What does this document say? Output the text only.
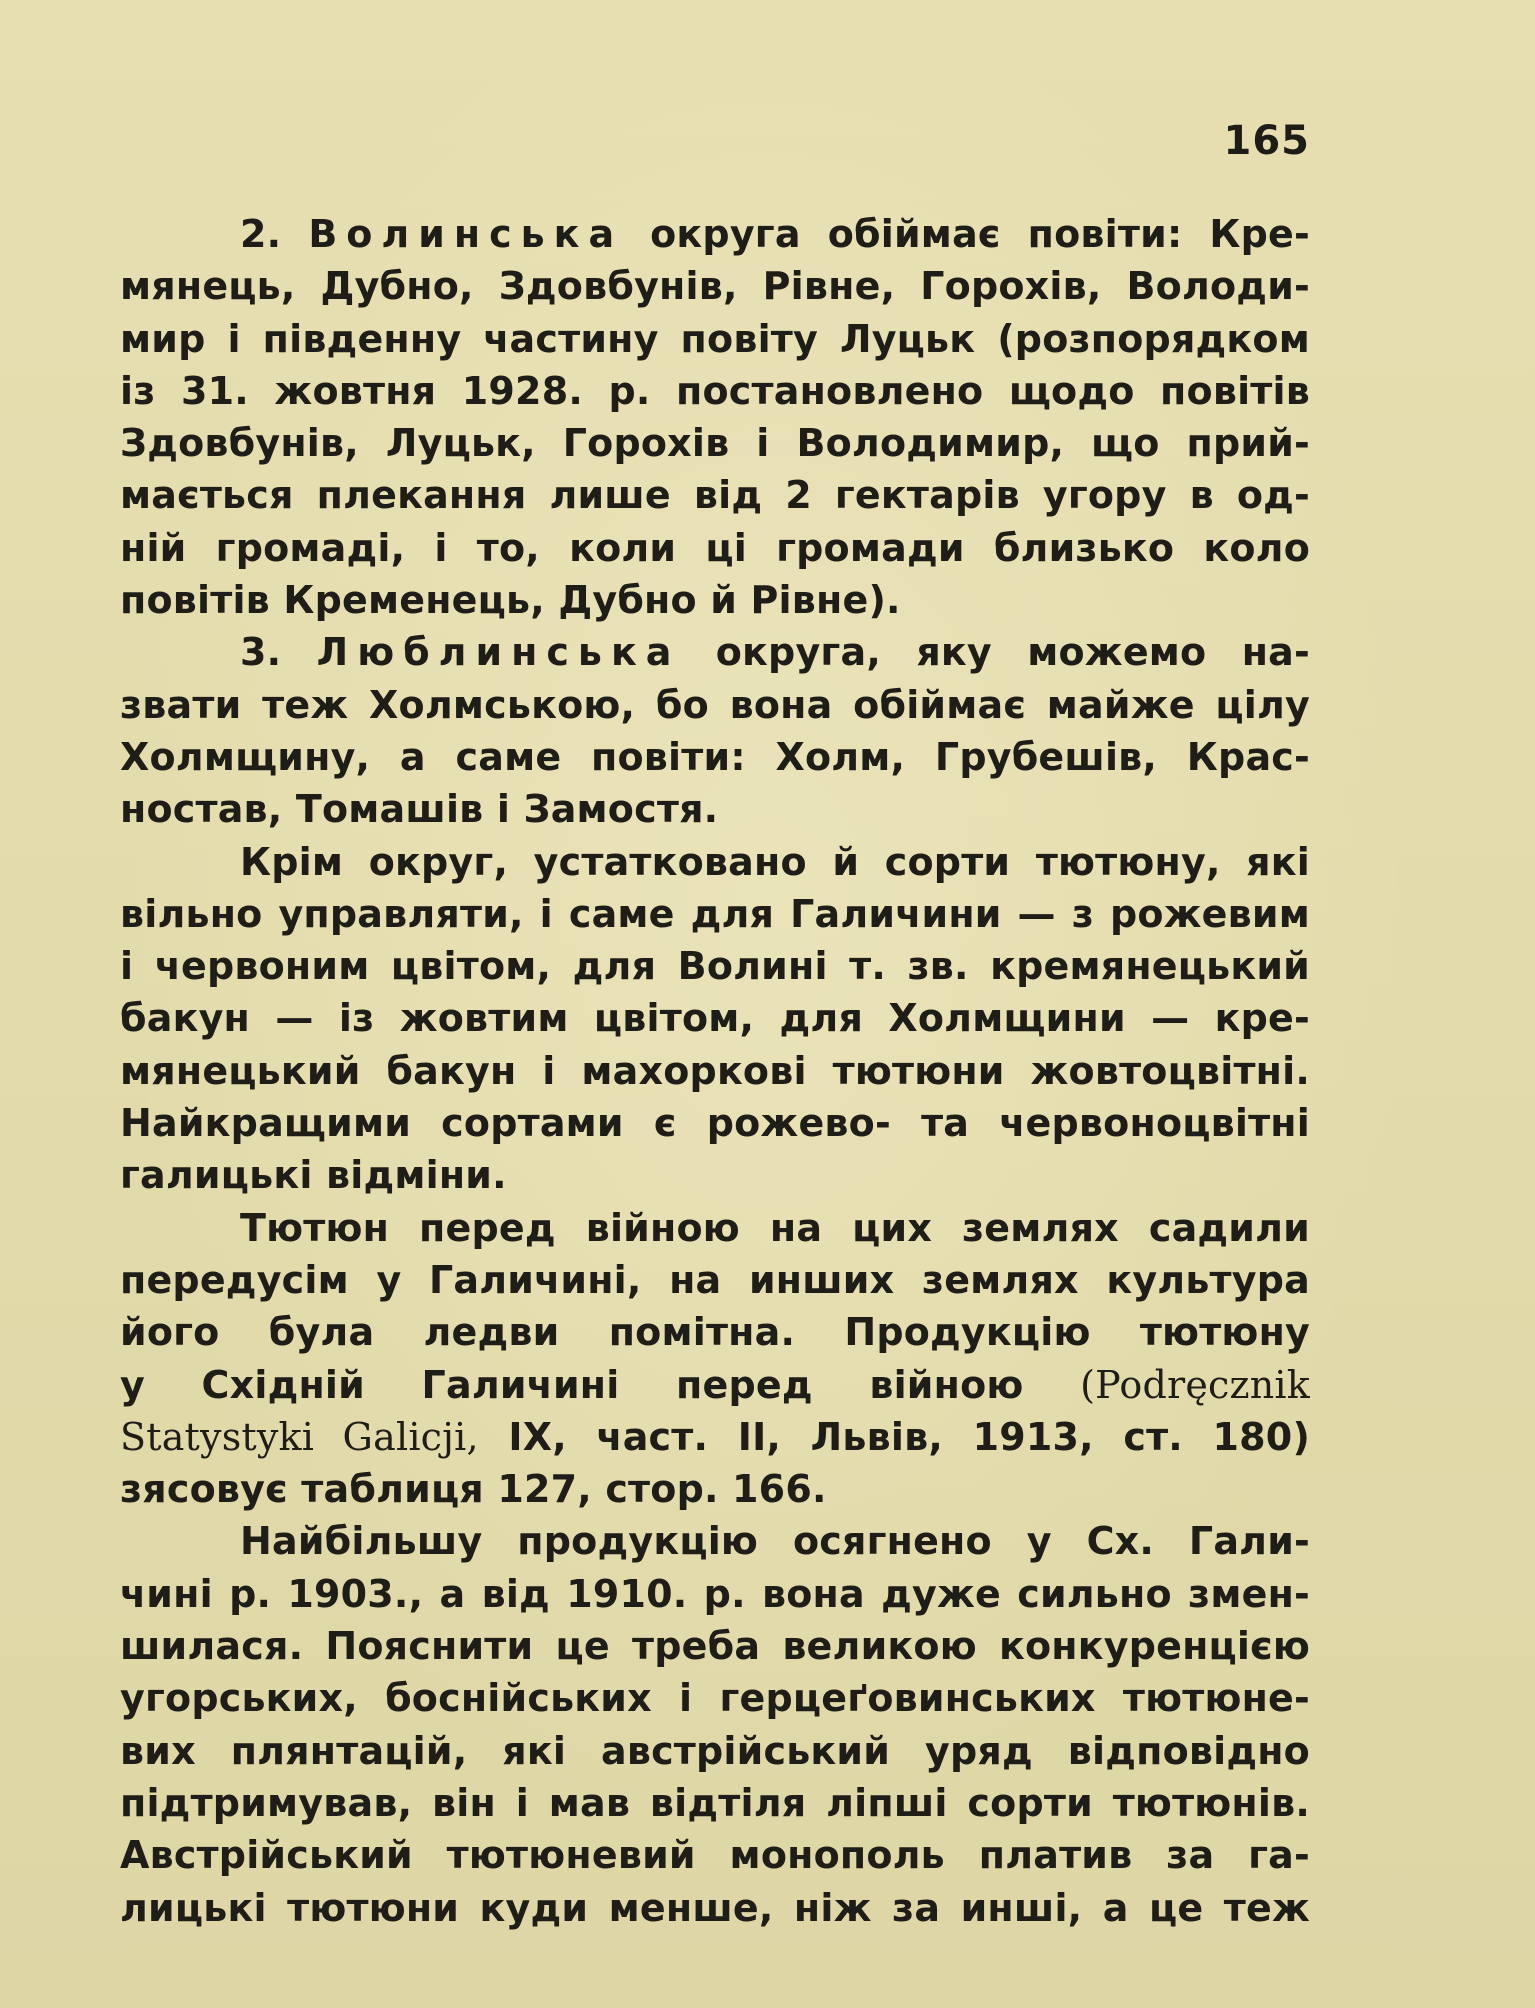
165
2. Волинська округа обіймає повіти: Кре-
мянець, Дубно, Здовбунів, Рівне, Горохів, Володи-
мир і південну частину повіту Луцьк (розпорядком
із 31. жовтня 1928. р. постановлено щодо повітів
Здовбунів, Луцьк, Горохів і Володимир, що прий-
мається плекання лише від 2 гектарів угору в од-
ній громаді, і то, коли ці громади близько коло
повітів Кременець, Дубно й Рівне).
3. Люблинська округа, яку можемо на-
звати теж Холмською, бо вона обіймає майже цілу
Холмщину, а саме повіти: Холм, Грубешів, Крас-
ностав, Томашів і Замостя.
Крім округ, устатковано й сорти тютюну, які
вільно управляти, і саме для Галичини — з рожевим
і червоним цвітом, для Волині т. зв. кремянецький
бакун — із жовтим цвітом, для Холмщини — кре-
мянецький бакун і махоркові тютюни жовтоцвітні.
Найкращими сортами є рожево- та червоноцвітні
галицькі відміни.
Тютюн перед війною на цих землях садили
передусім у Галичині, на инших землях культура
його була ледви помітна. Продукцію тютюну
у Східній Галичині перед війною (Podręcznik
Statystyki Galicji, IX, част. II, Львів, 1913, ст. 180)
зясовує таблиця 127, стор. 166.
Найбільшу продукцію осягнено у Сх. Гали-
чині р. 1903., а від 1910. р. вона дуже сильно змен-
шилася. Пояснити це треба великою конкуренцією
угорських, боснійських і герцеґовинських тютюне-
вих плянтацій, які австрійський уряд відповідно
підтримував, він і мав відтіля ліпші сорти тютюнів.
Австрійський тютюневий монополь платив за га-
лицькі тютюни куди менше, ніж за инші, а це теж
